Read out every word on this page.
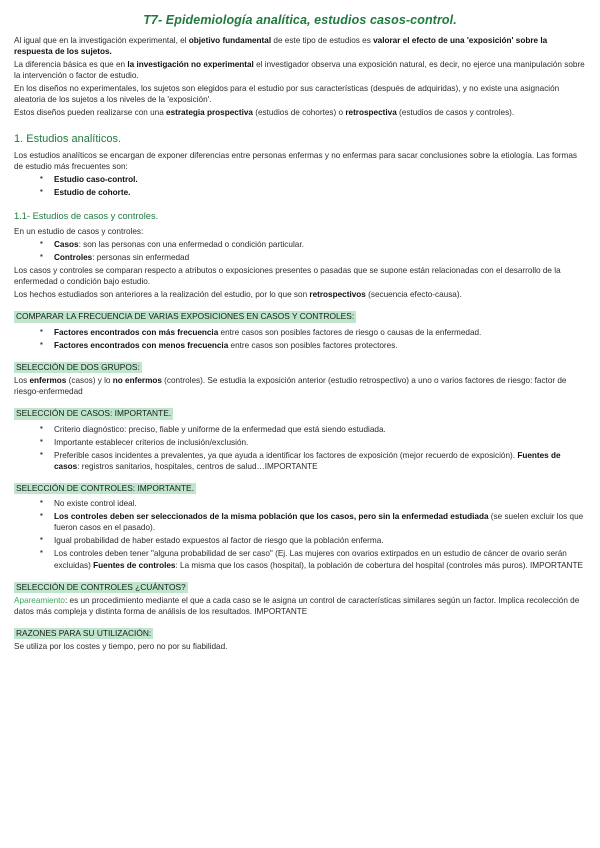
T7- Epidemiología analítica, estudios casos-control.

Al igual que en la investigación experimental, el objetivo fundamental de este tipo de estudios es valorar el efecto de una 'exposición' sobre la respuesta de los sujetos.

La diferencia básica es que en la investigación no experimental el investigador observa una exposición natural, es decir, no ejerce una manipulación sobre la intervención o factor de estudio.

En los diseños no experimentales, los sujetos son elegidos para el estudio por sus características (después de adquiridas), y no existe una asignación aleatoria de los sujetos a los niveles de la 'exposición'.

Estos diseños pueden realizarse con una estrategia prospectiva (estudios de cohortes) o retrospectiva (estudios de casos y controles).

1. Estudios analíticos.

Los estudios analíticos se encargan de exponer diferencias entre personas enfermas y no enfermas para sacar conclusiones sobre la etiología. Las formas de estudio más frecuentes son:

▪ Estudio caso-control.
▪ Estudio de cohorte.
1.1- Estudios de casos y controles.

En un estudio de casos y controles:

▪ Casos: son las personas con una enfermedad o condición particular.
▪ Controles: personas sin enfermedad

Los casos y controles se comparan respecto a atributos o exposiciones presentes o pasadas que se supone están relacionadas con el desarrollo de la enfermedad o condición bajo estudio.

Los hechos estudiados son anteriores a la realización del estudio, por lo que son retrospectivos (secuencia efecto-causa).

COMPARAR LA FRECUENCIA DE VARIAS EXPOSICIONES EN CASOS Y CONTROLES:
▪ Factores encontrados con más frecuencia entre casos son posibles factores de riesgo o causas de la enfermedad.
▪ Factores encontrados con menos frecuencia entre casos son posibles factores protectores.
SELECCIÓN DE DOS GRUPOS:

Los enfermos (casos) y lo no enfermos (controles). Se estudia la exposición anterior (estudio retrospectivo) a uno o varios factores de riesgo: factor de riesgo-enfermedad

SELECCIÓN DE CASOS: IMPORTANTE.
▪ Criterio diagnóstico: preciso, fiable y uniforme de la enfermedad que está siendo estudiada.
▪ Importante establecer criterios de inclusión/exclusión.
▪ Preferible casos incidentes a prevalentes, ya que ayuda a identificar los factores de exposición (mejor recuerdo de exposición). Fuentes de casos: registros sanitarios, hospitales, centros de salud…IMPORTANTE
SELECCIÓN DE CONTROLES: IMPORTANTE.
▪ No existe control ideal.
▪ Los controles deben ser seleccionados de la misma población que los casos, pero sin la enfermedad estudiada (se suelen excluir los que fueron casos en el pasado).
▪ Igual probabilidad de haber estado expuestos al factor de riesgo que la población enferma.
▪ Los controles deben tener "alguna probabilidad de ser caso" (Ej. Las mujeres con ovarios extirpados en un estudio de cáncer de ovario serán excluidas) Fuentes de controles: La misma que los casos (hospital), la población de cobertura del hospital (controles más puros). IMPORTANTE
SELECCIÓN DE CONTROLES ¿CUÁNTOS?

Apareamiento: es un procedimiento mediante el que a cada caso se le asigna un control de características similares según un factor. Implica recolección de datos más compleja y distinta forma de análisis de los resultados. IMPORTANTE

RAZONES PARA SU UTILIZACIÓN:

Se utiliza por los costes y tiempo, pero no por su fiabilidad.
